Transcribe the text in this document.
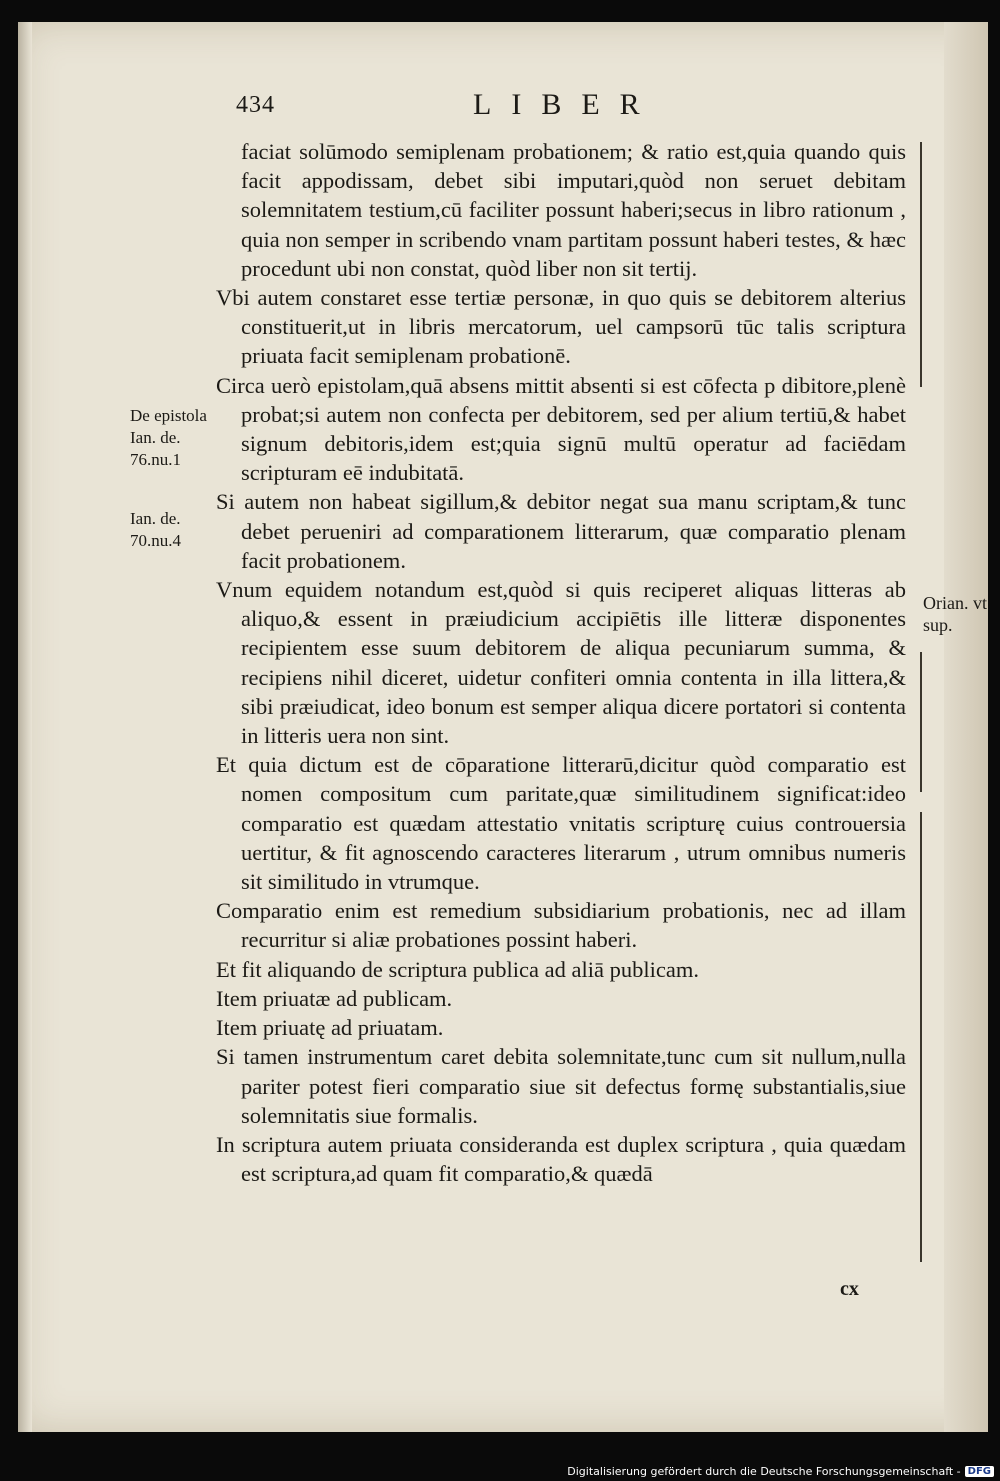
434	LIBER

De epistola Ian. de. 76.nu.1

Ian. de. 70.nu.4

Orian. vt sup.

faciat solūmodo semiplenam probationem; & ratio est,quia quando quis facit appodissam, debet sibi imputari,quòd non seruet debitam solemnitatem testium,cū faciliter possunt haberi;secus in libro rationum , quia non semper in scribendo vnam partitam possunt haberi testes, & hæc procedunt ubi non constat, quòd liber non sit tertij.

Vbi autem constaret esse tertiæ personæ, in quo quis se debitorem alterius constituerit,ut in libris mercatorum, uel campsorū tūc talis scriptura priuata facit semiplenam probationē.

Circa uerò epistolam,quā absens mittit absenti si est cōfecta p dibitore,plenè probat;si autem non confecta per debitorem, sed per alium tertiū,& habet signum debitoris,idem est;quia signū multū operatur ad faciēdam scripturam eē indubitatā.

Si autem non habeat sigillum,& debitor negat sua manu scriptam,& tunc debet perueniri ad comparationem litterarum, quæ comparatio plenam facit probationem.

Vnum equidem notandum est,quòd si quis reciperet aliquas litteras ab aliquo,& essent in præiudicium accipiētis ille litteræ disponentes recipientem esse suum debitorem de aliqua pecuniarum summa, & recipiens nihil diceret, uidetur confiteri omnia contenta in illa littera,& sibi præiudicat, ideo bonum est semper aliqua dicere portatori si contenta in litteris uera non sint.

Et quia dictum est de cōparatione litterarū,dicitur quòd comparatio est nomen compositum cum paritate,quæ similitudinem significat:ideo comparatio est quædam attestatio vnitatis scripturę cuius controuersia uertitur, & fit agnoscendo caracteres literarum , utrum omnibus numeris sit similitudo in vtrumque.

Comparatio enim est remedium subsidiarium probationis, nec ad illam recurritur si aliæ probationes possint haberi.

Et fit aliquando de scriptura publica ad aliā publicam.

Item priuatæ ad publicam.

Item priuatę ad priuatam.

Si tamen instrumentum caret debita solemnitate,tunc cum sit nullum,nulla pariter potest fieri comparatio siue sit defectus formę substantialis,siue solemnitatis siue formalis.

In scriptura autem priuata consideranda est duplex scriptura , quia quædam est scriptura,ad quam fit comparatio,& quædā

cx
Digitalisierung gefördert durch die Deutsche Forschungsgemeinschaft - DFG
